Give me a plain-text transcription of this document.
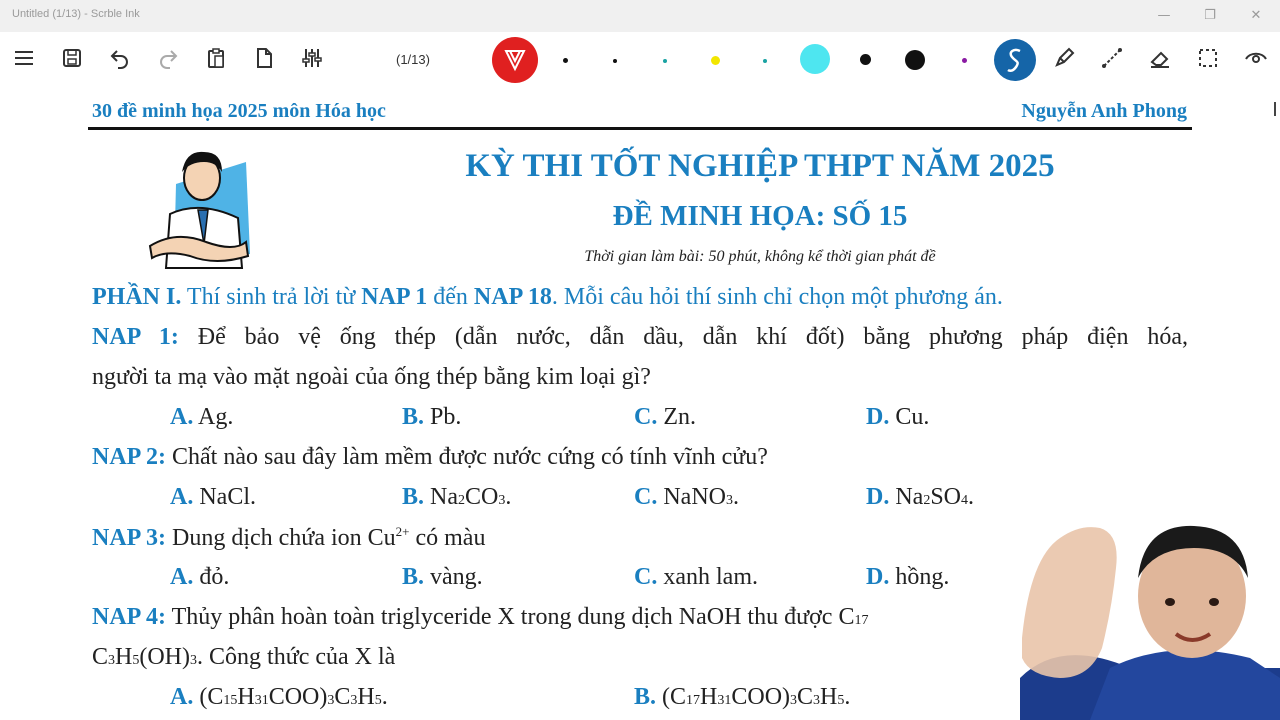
Untitled (1/13) - Scrble Ink	—	❐	✕
(1/13)
30 đề minh họa 2025 môn Hóa học	Nguyễn Anh Phong
KỲ THI TỐT NGHIỆP THPT NĂM 2025
ĐỀ MINH HỌA: SỐ 15
Thời gian làm bài: 50 phút, không kể thời gian phát đề
PHẦN I. Thí sinh trả lời từ NAP 1 đến NAP 18. Mỗi câu hỏi thí sinh chỉ chọn một phương án.
NAP 1: Để bảo vệ ống thép (dẫn nước, dẫn dầu, dẫn khí đốt) bằng phương pháp điện hóa,
người ta mạ vào mặt ngoài của ống thép bằng kim loại gì?
A. Ag.	B. Pb.	C. Zn.	D. Cu.
NAP 2: Chất nào sau đây làm mềm được nước cứng có tính vĩnh cửu?
A. NaCl.	B. Na2CO3.	C. NaNO3.	D. Na2SO4.
NAP 3: Dung dịch chứa ion $Cu^{2+}$ có màu
A. đỏ.	B. vàng.	C. xanh lam.	D. hồng.
NAP 4: Thủy phân hoàn toàn triglyceride X trong dung dịch NaOH thu được C17
C3H5(OH)3. Công thức của X là
A. (C15H31COO)3C3H5.	B. (C17H31COO)3C3H5.
